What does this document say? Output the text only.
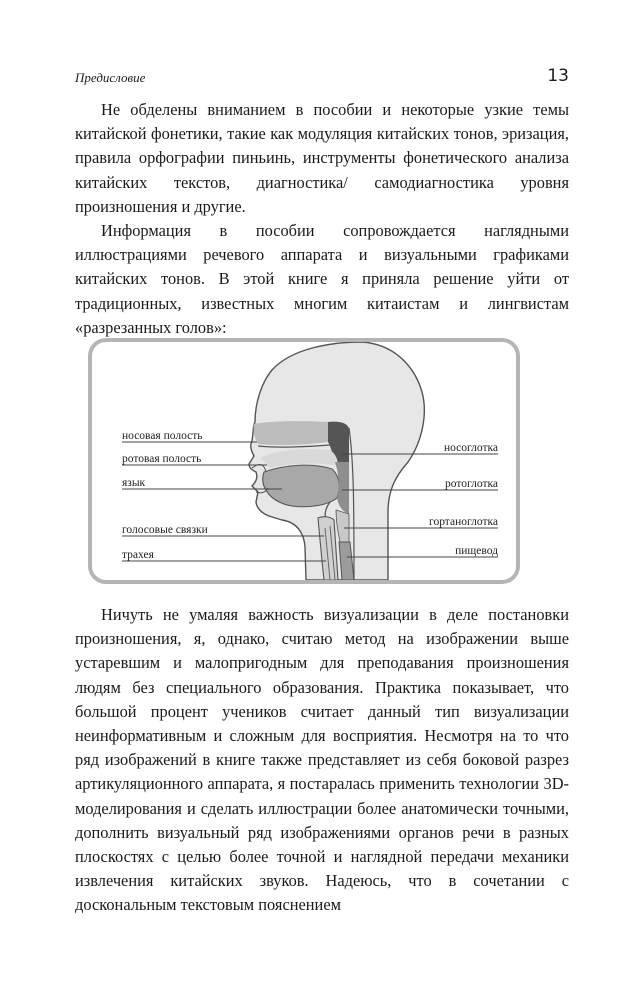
Предисловие	13

Не обделены вниманием в пособии и некоторые узкие темы китайской фонетики, такие как модуляция китайских тонов, эризация, правила орфографии пиньинь, инструменты фонетического анализа китайских текстов, диагностика/ самодиагностика уровня произношения и другие.

Информация в пособии сопровождается наглядными иллюстрациями речевого аппарата и визуальными графиками китайских тонов. В этой книге я приняла решение уйти от традиционных, известных многим китаистам и лингвистам «разрезанных голов»:

носовая полость
ротовая полость
язык
голосовые связки
трахея
носоглотка
ротоглотка
гортаноглотка
пищевод

Ничуть не умаляя важность визуализации в деле постановки произношения, я, однако, считаю метод на изображении выше устаревшим и малопригодным для преподавания произношения людям без специального образования. Практика показывает, что большой процент учеников считает данный тип визуализации неинформативным и сложным для восприятия. Несмотря на то что ряд изображений в книге также представляет из себя боковой разрез артикуляционного аппарата, я постаралась применить технологии 3D-моделирования и сделать иллюстрации более анатомически точными, дополнить визуальный ряд изображениями органов речи в разных плоскостях с целью более точной и наглядной передачи механики извлечения китайских звуков. Надеюсь, что в сочетании с доскональным текстовым пояснением
